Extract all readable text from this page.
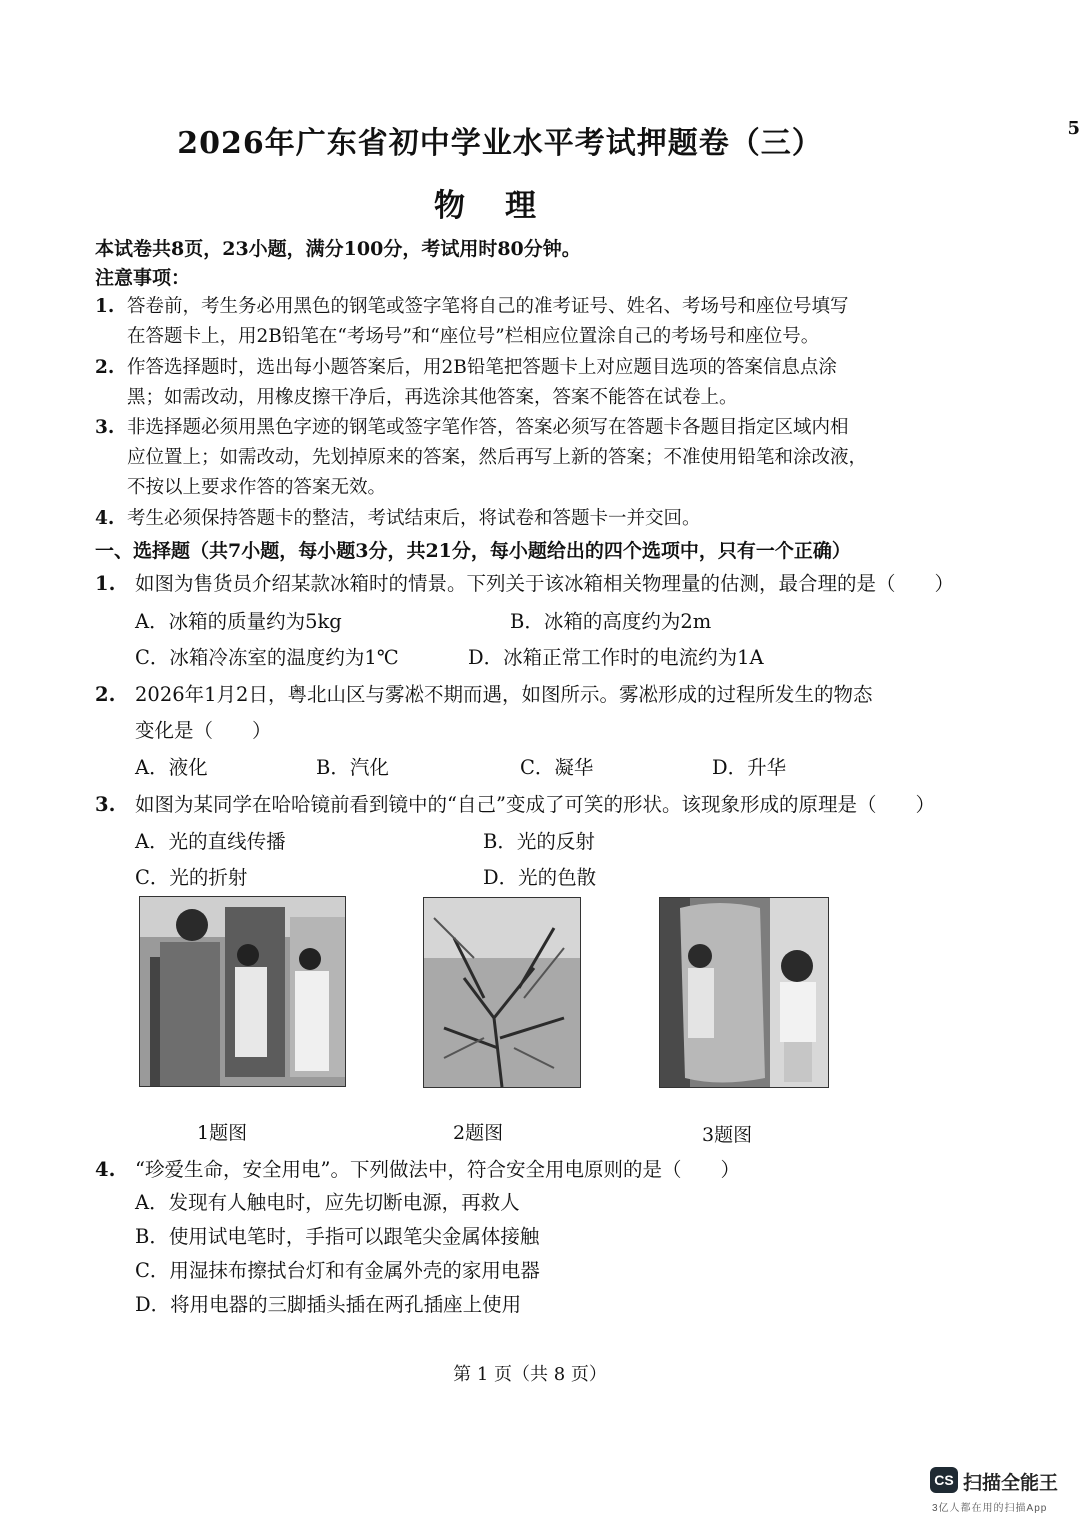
2026年广东省初中学业水平考试押题卷（三）	5
物理
本试卷共8页，23小题，满分100分，考试用时80分钟。
注意事项：
1. 答卷前，考生务必用黑色的钢笔或签字笔将自己的准考证号、姓名、考场号和座位号填写
在答题卡上，用2B铅笔在“考场号”和“座位号”栏相应位置涂自己的考场号和座位号。
2. 作答选择题时，选出每小题答案后，用2B铅笔把答题卡上对应题目选项的答案信息点涂
黑；如需改动，用橡皮擦干净后，再选涂其他答案，答案不能答在试卷上。
3. 非选择题必须用黑色字迹的钢笔或签字笔作答，答案必须写在答题卡各题目指定区域内相
应位置上；如需改动，先划掉原来的答案，然后再写上新的答案；不准使用铅笔和涂改液，
不按以上要求作答的答案无效。
4. 考生必须保持答题卡的整洁，考试结束后，将试卷和答题卡一并交回。
一、选择题（共7小题，每小题3分，共21分，每小题给出的四个选项中，只有一个正确）
1. 如图为售货员介绍某款冰箱时的情景。下列关于该冰箱相关物理量的估测，最合理的是（　　）
A．冰箱的质量约为5kg	B．冰箱的高度约为2m
C．冰箱冷冻室的温度约为1℃	D．冰箱正常工作时的电流约为1A
2. 2026年1月2日，粤北山区与雾凇不期而遇，如图所示。雾凇形成的过程所发生的物态
变化是（　　）
A．液化	B．汽化	C．凝华	D．升华
3. 如图为某同学在哈哈镜前看到镜中的“自己”变成了可笑的形状。该现象形成的原理是（　　）
A．光的直线传播	B．光的反射
C．光的折射	D．光的色散
1题图	2题图	3题图
4. “珍爱生命，安全用电”。下列做法中，符合安全用电原则的是（　　）
A．发现有人触电时，应先切断电源，再救人
B．使用试电笔时，手指可以跟笔尖金属体接触
C．用湿抹布擦拭台灯和有金属外壳的家用电器
D．将用电器的三脚插头插在两孔插座上使用
第 1 页（共 8 页）
CS 扫描全能王
3亿人都在用的扫描App
